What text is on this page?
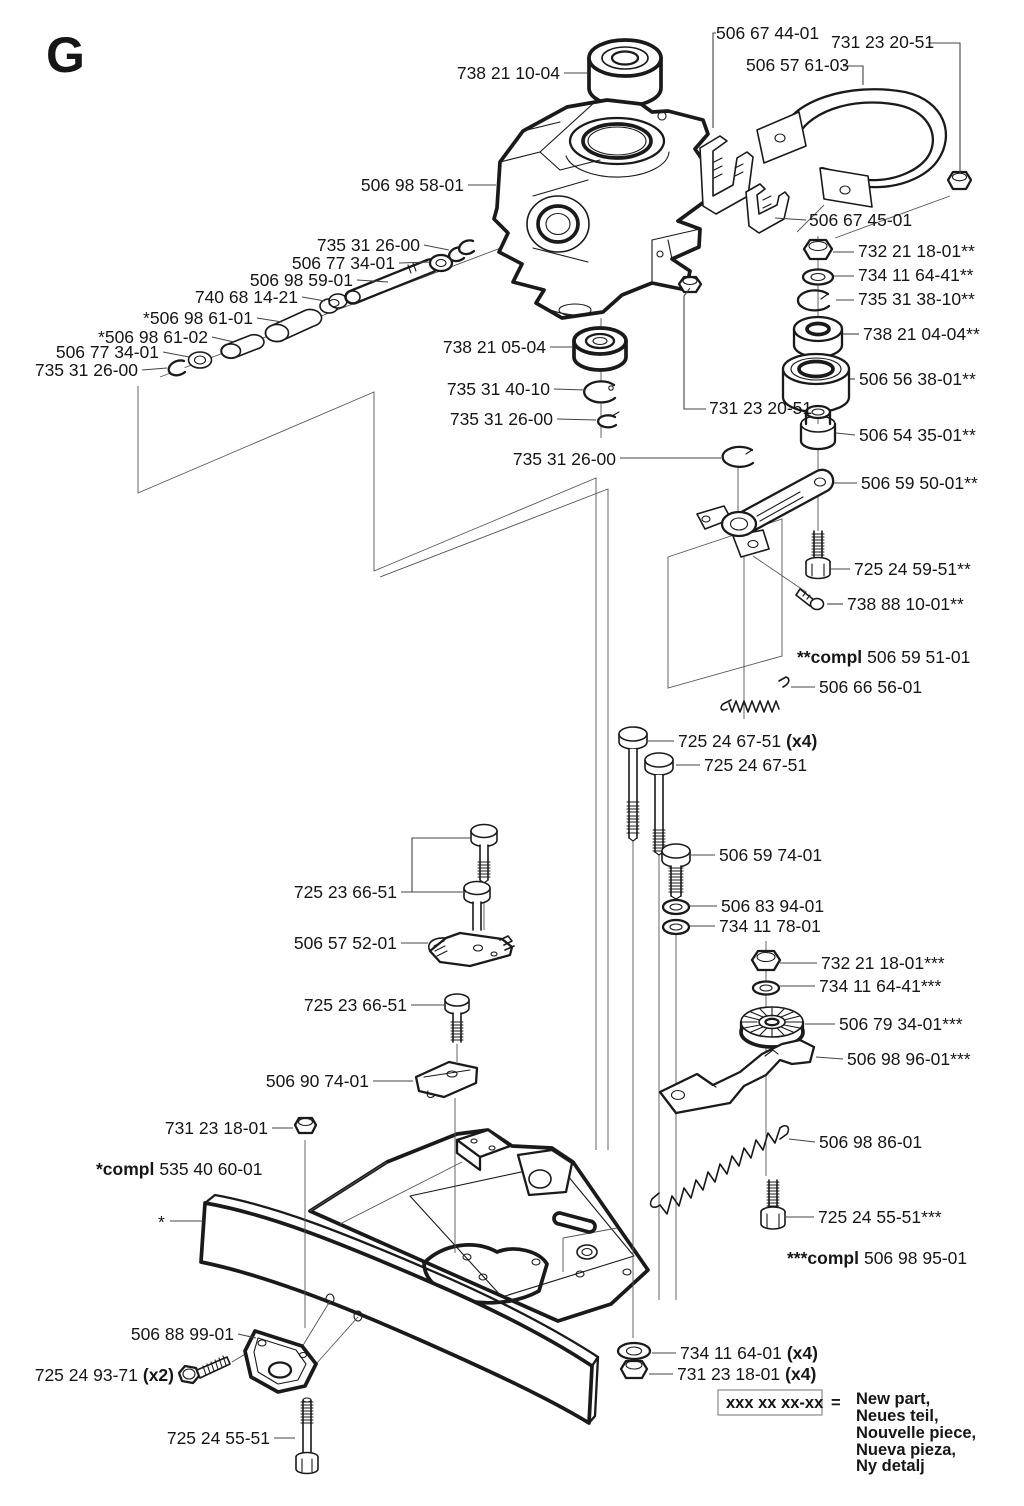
G	738 21 10-04
506 67 44-01 731 23 20-51
506 57 61-03
506 98 58-01
506 67 45-01
732 21 18-01**
734 11 64-41**
735 31 38-10**
738 21 04-04**
506 56 38-01**
735 31 26-00
506 77 34-01
506 98 59-01
740 68 14-21
*506 98 61-01
*506 98 61-02
506 77 34-01
735 31 26-00
738 21 05-04
735 31 40-10
735 31 26-00
731 23 20-51
735 31 26-00
506 54 35-01**
506 59 50-01**
725 24 59-51**
738 88 10-01**
**compl 506 59 51-01
506 66 56-01
725 24 67-51 (x4)
725 24 67-51
506 59 74-01
506 83 94-01
734 11 78-01
732 21 18-01***
734 11 64-41***
506 79 34-01***
506 98 96-01***
506 98 86-01
725 24 55-51***
***compl 506 98 95-01
725 23 66-51
506 57 52-01
725 23 66-51
506 90 74-01
731 23 18-01
*compl 535 40 60-01
*
506 88 99-01
725 24 93-71 (x2)
725 24 55-51
734 11 64-01 (x4)
731 23 18-01 (x4)
xxx xx xx-xx = New part,
Neues teil,
Nouvelle piece,
Nueva pieza,
Ny detalj
